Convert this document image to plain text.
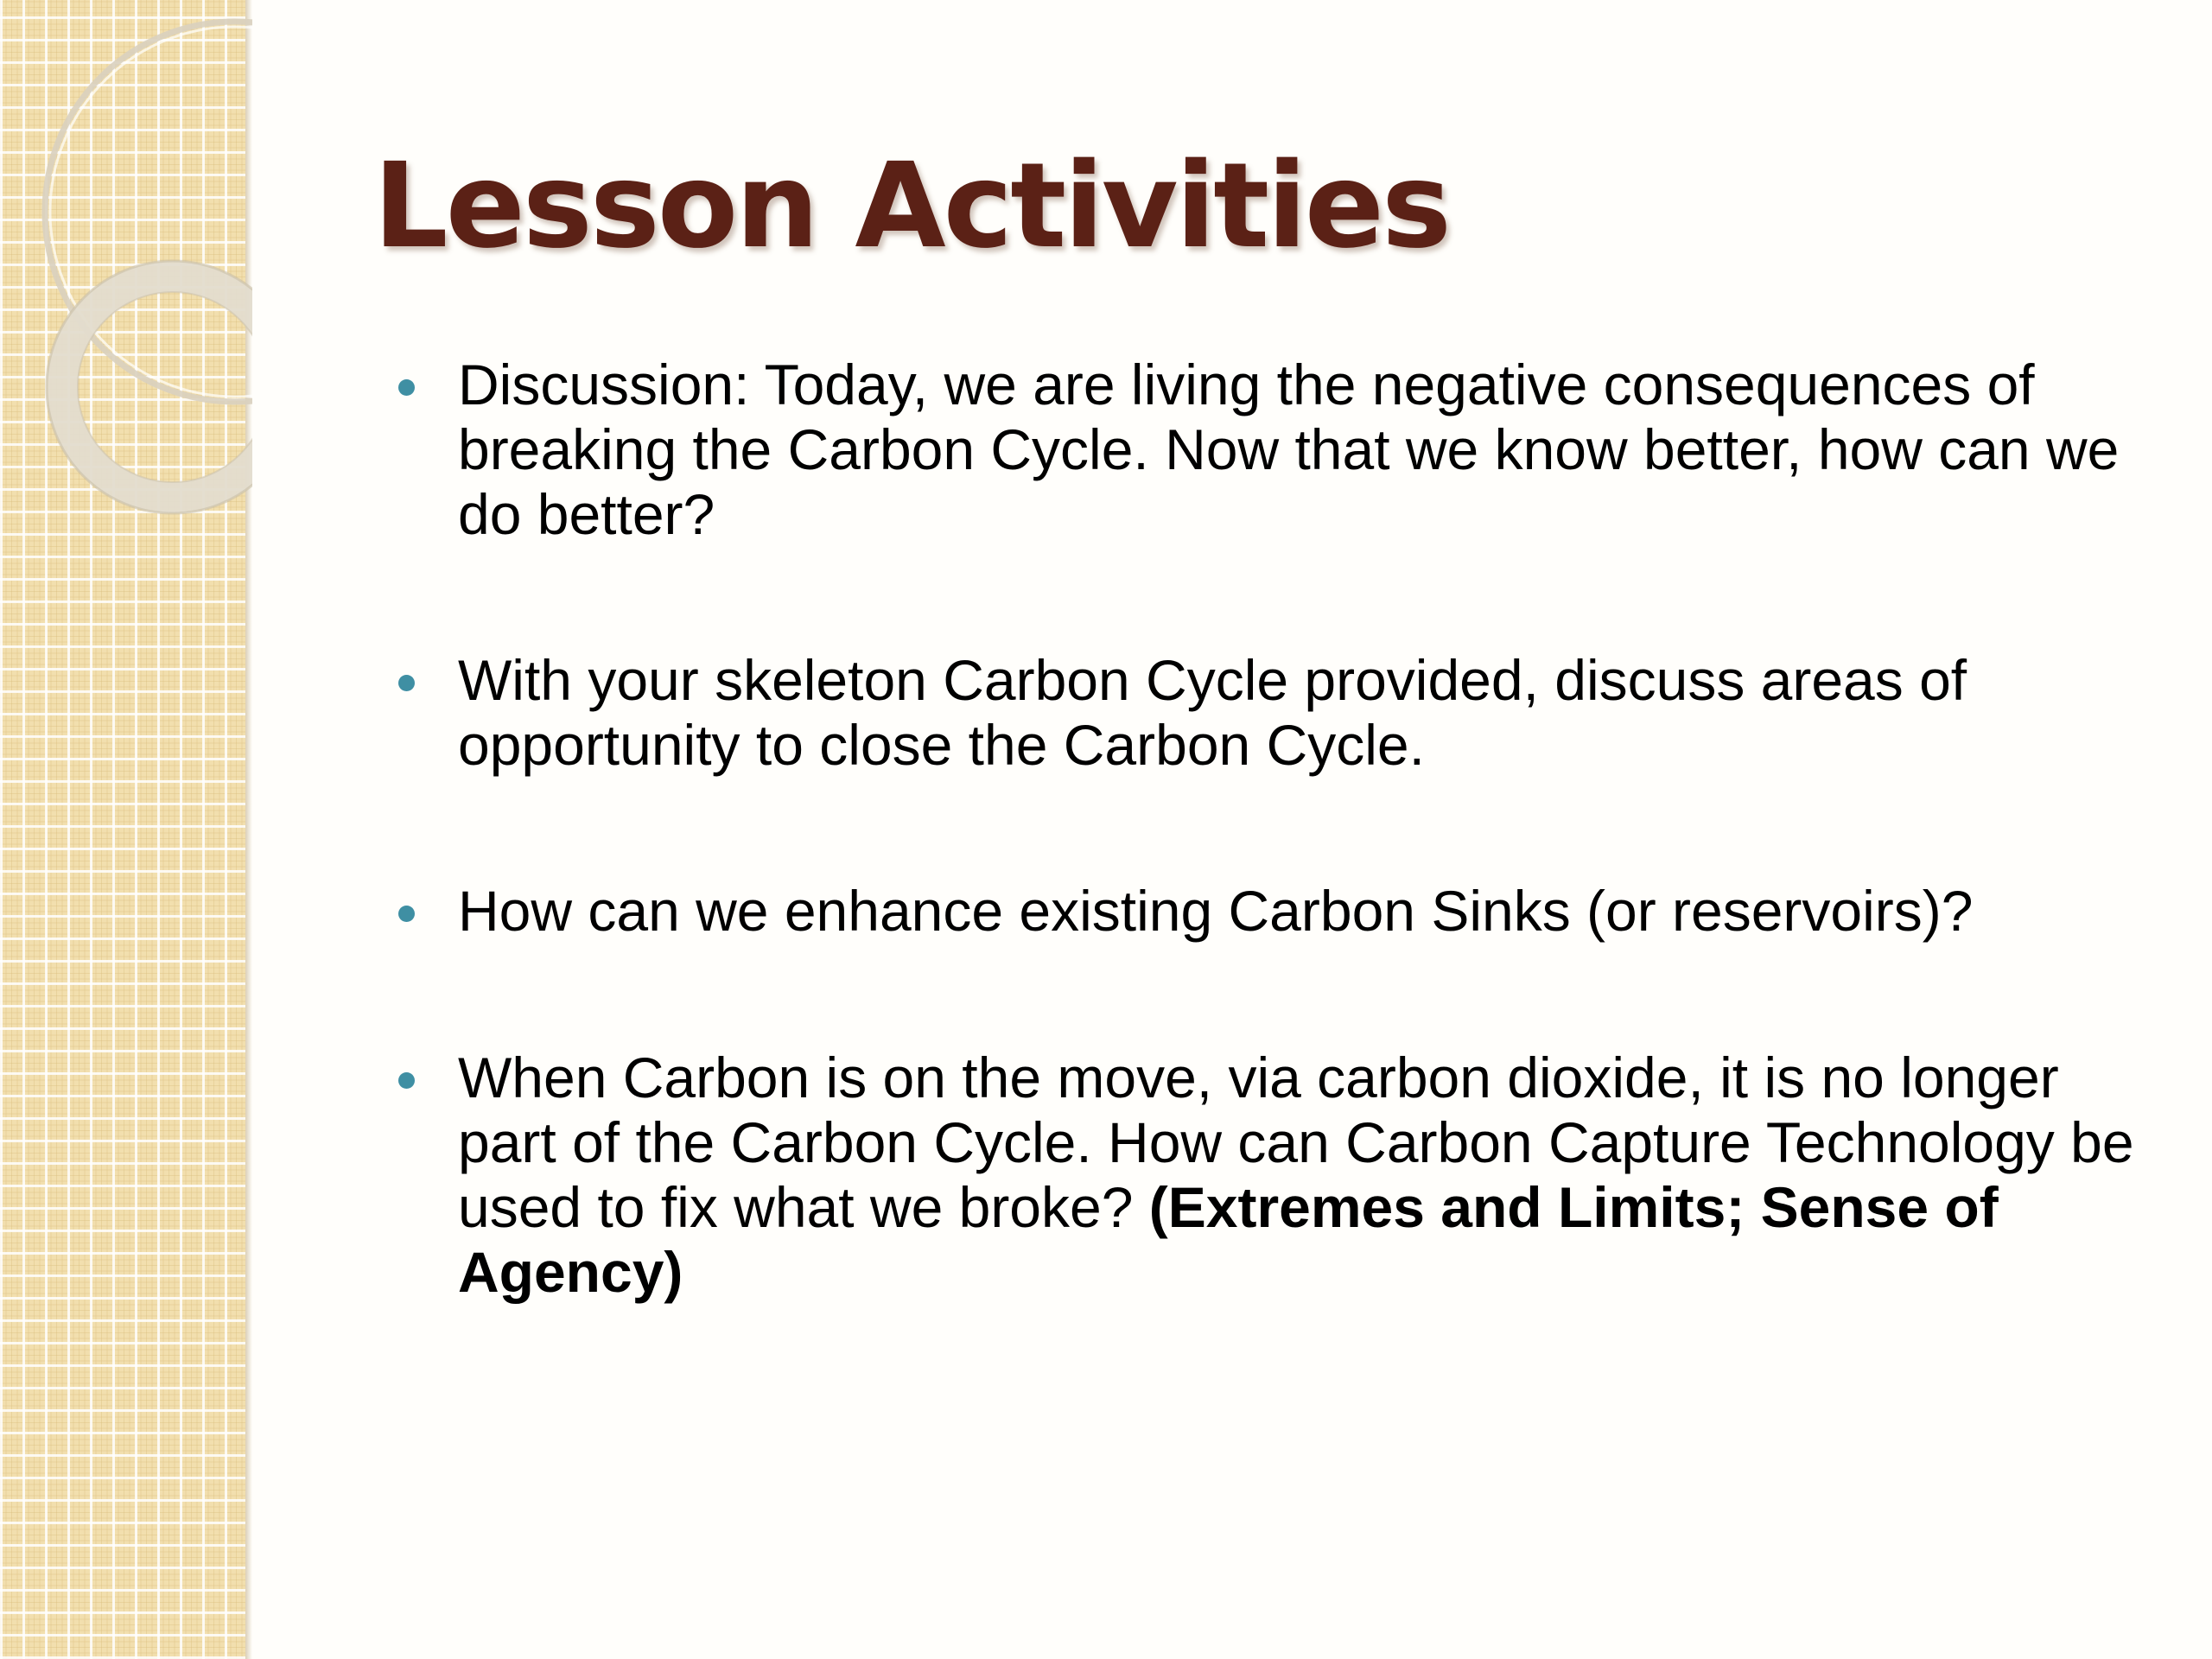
Lesson Activities
Discussion: Today, we are living the negative consequences of breaking the Carbon Cycle. Now that we know better, how can we do better?
With your skeleton Carbon Cycle provided, discuss areas of opportunity to close the Carbon Cycle.
How can we enhance existing Carbon Sinks (or reservoirs)?
When Carbon is on the move, via carbon dioxide, it is no longer part of the Carbon Cycle. How can Carbon Capture Technology be used to fix what we broke? (Extremes and Limits; Sense of Agency)
